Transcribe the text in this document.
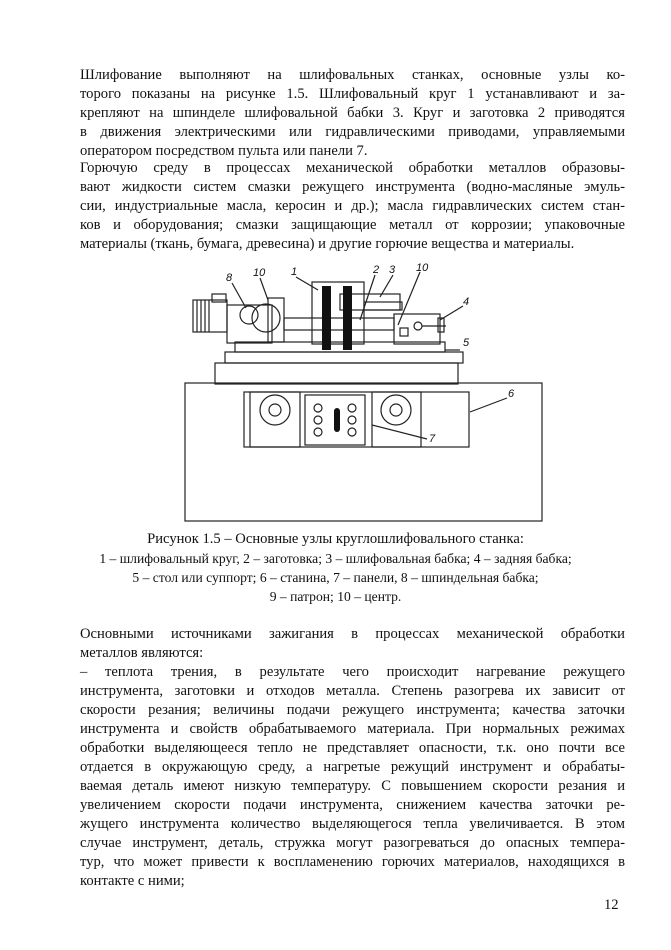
Шлифование выполняют на шлифовальных станках, основные узлы ко-
торого показаны на рисунке 1.5. Шлифовальный круг 1 устанавливают и за-
крепляют на шпинделе шлифовальной бабки 3. Круг и заготовка 2 приводятся
в движения электрическими или гидравлическими приводами, управляемыми
оператором посредством пульта или панели 7.

Горючую среду в процессах механической обработки металлов образовы-
вают жидкости систем смазки режущего инструмента (водно-масляные эмуль-
сии, индустриальные масла, керосин и др.); масла гидравлических систем стан-
ков и оборудования; смазки защищающие металл от коррозии; упаковочные
материалы (ткань, бумага, древесина) и другие горючие вещества и материалы.

8 10 1	2 3 10
4
5
6
7
Рисунок 1.5 – Основные узлы круглошлифовального станка:
1 – шлифовальный круг, 2 – заготовка; 3 – шлифовальная бабка; 4 – задняя бабка;
5 – стол или суппорт; 6 – станина, 7 – панели, 8 – шпиндельная бабка;
9 – патрон; 10 – центр.

Основными источниками зажигания в процессах механической обработки
металлов являются:

– теплота трения, в результате чего происходит нагревание режущего
инструмента, заготовки и отходов металла. Степень разогрева их зависит от
скорости резания; величины подачи режущего инструмента; качества заточки
инструмента и свойств обрабатываемого материала. При нормальных режимах
обработки выделяющееся тепло не представляет опасности, т.к. оно почти все
отдается в окружающую среду, а нагретые режущий инструмент и обрабаты-
ваемая деталь имеют низкую температуру. С повышением скорости резания и
увеличением скорости подачи инструмента, снижением качества заточки ре-
жущего инструмента количество выделяющегося тепла увеличивается. В этом
случае инструмент, деталь, стружка могут разогреваться до опасных темпера-
тур, что может привести к воспламенению горючих материалов, находящихся в
контакте с ними;

12
